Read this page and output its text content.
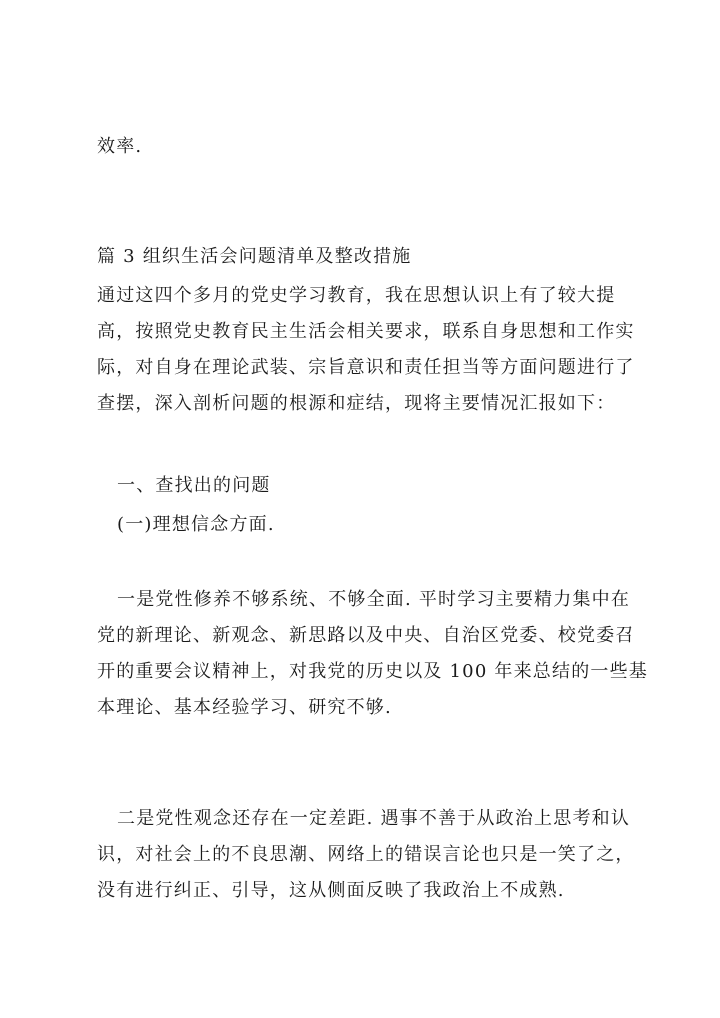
效率.
篇 3 组织生活会问题清单及整改措施
通过这四个多月的党史学习教育，我在思想认识上有了较大提
高，按照党史教育民主生活会相关要求，联系自身思想和工作实
际，对自身在理论武装、宗旨意识和责任担当等方面问题进行了
查摆，深入剖析问题的根源和症结，现将主要情况汇报如下：
一、查找出的问题
(一)理想信念方面.
一是党性修养不够系统、不够全面. 平时学习主要精力集中在
党的新理论、新观念、新思路以及中央、自治区党委、校党委召
开的重要会议精神上，对我党的历史以及 100 年来总结的一些基
本理论、基本经验学习、研究不够.
二是党性观念还存在一定差距. 遇事不善于从政治上思考和认
识，对社会上的不良思潮、网络上的错误言论也只是一笑了之，
没有进行纠正、引导，这从侧面反映了我政治上不成熟.
